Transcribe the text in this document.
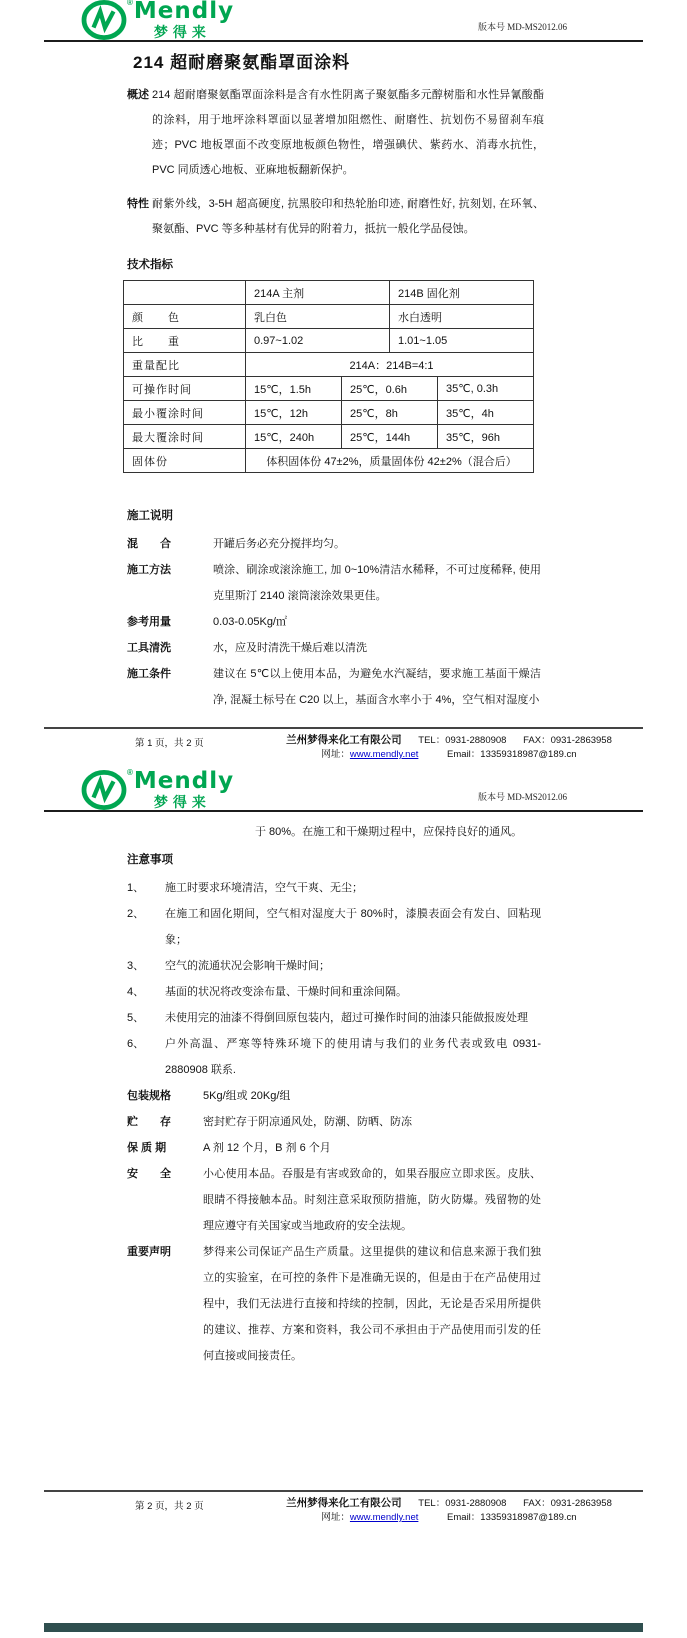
® Mendly
梦得来	版本号 MD-MS2012.06
214 超耐磨聚氨酯罩面涂料
概述 214 超耐磨聚氨酯罩面涂料是含有水性阴离子聚氨酯多元醇树脂和水性异氰酸酯的涂料，用于地坪涂料罩面以显著增加阻燃性、耐磨性、抗划伤不易留刹车痕迹；PVC 地板罩面不改变原地板颜色物性，增强碘伏、紫药水、消毒水抗性，PVC 同质透心地板、亚麻地板翻新保护。
特性 耐紫外线，3-5H 超高硬度, 抗黑胶印和热轮胎印迹, 耐磨性好, 抗刻划, 在环氧、聚氨酯、PVC 等多种基材有优异的附着力，抵抗一般化学品侵蚀。
技术指标
	214A 主剂		214B 固化剂	
颜　　色	乳白色		水白透明	
比　　重	0.97~1.02		1.01~1.05	
重量配比	214A：214B=4:1			
可操作时间	15℃，1.5h	25℃，0.6h		35℃, 0.3h
最小覆涂时间	15℃，12h	25℃，8h		35℃，4h
最大覆涂时间	15℃，240h	25℃，144h		35℃，96h
固体份	体积固体份 47±2%，质量固体份 42±2%（混合后）			
施工说明
混　　合	开罐后务必充分搅拌均匀。
施工方法	喷涂、刷涂或滚涂施工, 加 0~10%清洁水稀释，不可过度稀释, 使用克里斯汀 2140 滚筒滚涂效果更佳。
参考用量	0.03-0.05Kg/㎡
工具清洗	水，应及时清洗干燥后难以清洗
施工条件	建议在 5℃以上使用本品，为避免水汽凝结，要求施工基面干燥洁净, 混凝土标号在 C20 以上，基面含水率小于 4%，空气相对湿度小
第 1 页，共 2 页	兰州梦得来化工有限公司 TEL：0931-2880908 FAX：0931-2863958
网址：www.mendly.net	Email：13359318987@189.cn
® Mendly
梦得来	版本号 MD-MS2012.06
于 80%。在施工和干燥期过程中，应保持良好的通风。
注意事项
1、	施工时要求环境清洁，空气干爽、无尘；
2、	在施工和固化期间，空气相对湿度大于 80%时，漆膜表面会有发白、回粘现象；
3、	空气的流通状况会影响干燥时间；
4、	基面的状况将改变涂布量、干燥时间和重涂间隔。
5、	未使用完的油漆不得倒回原包装内，超过可操作时间的油漆只能做报废处理
6、	户外高温、严寒等特殊环境下的使用请与我们的业务代表或致电 0931-2880908 联系.
包装规格	5Kg/组或 20Kg/组
贮　　存	密封贮存于阴凉通风处，防潮、防晒、防冻
保 质 期	A 剂 12 个月，B 剂 6 个月
安　　全	小心使用本品。吞服是有害或致命的，如果吞服应立即求医。皮肤、眼睛不得接触本品。时刻注意采取预防措施，防火防爆。残留物的处理应遵守有关国家或当地政府的安全法规。
重要声明	梦得来公司保证产品生产质量。这里提供的建议和信息来源于我们独立的实验室，在可控的条件下是准确无误的，但是由于在产品使用过程中，我们无法进行直接和持续的控制，因此，无论是否采用所提供的建议、推荐、方案和资料，我公司不承担由于产品使用而引发的任何直接或间接责任。
第 2 页，共 2 页	兰州梦得来化工有限公司 TEL：0931-2880908 FAX：0931-2863958
网址：www.mendly.net	Email：13359318987@189.cn
